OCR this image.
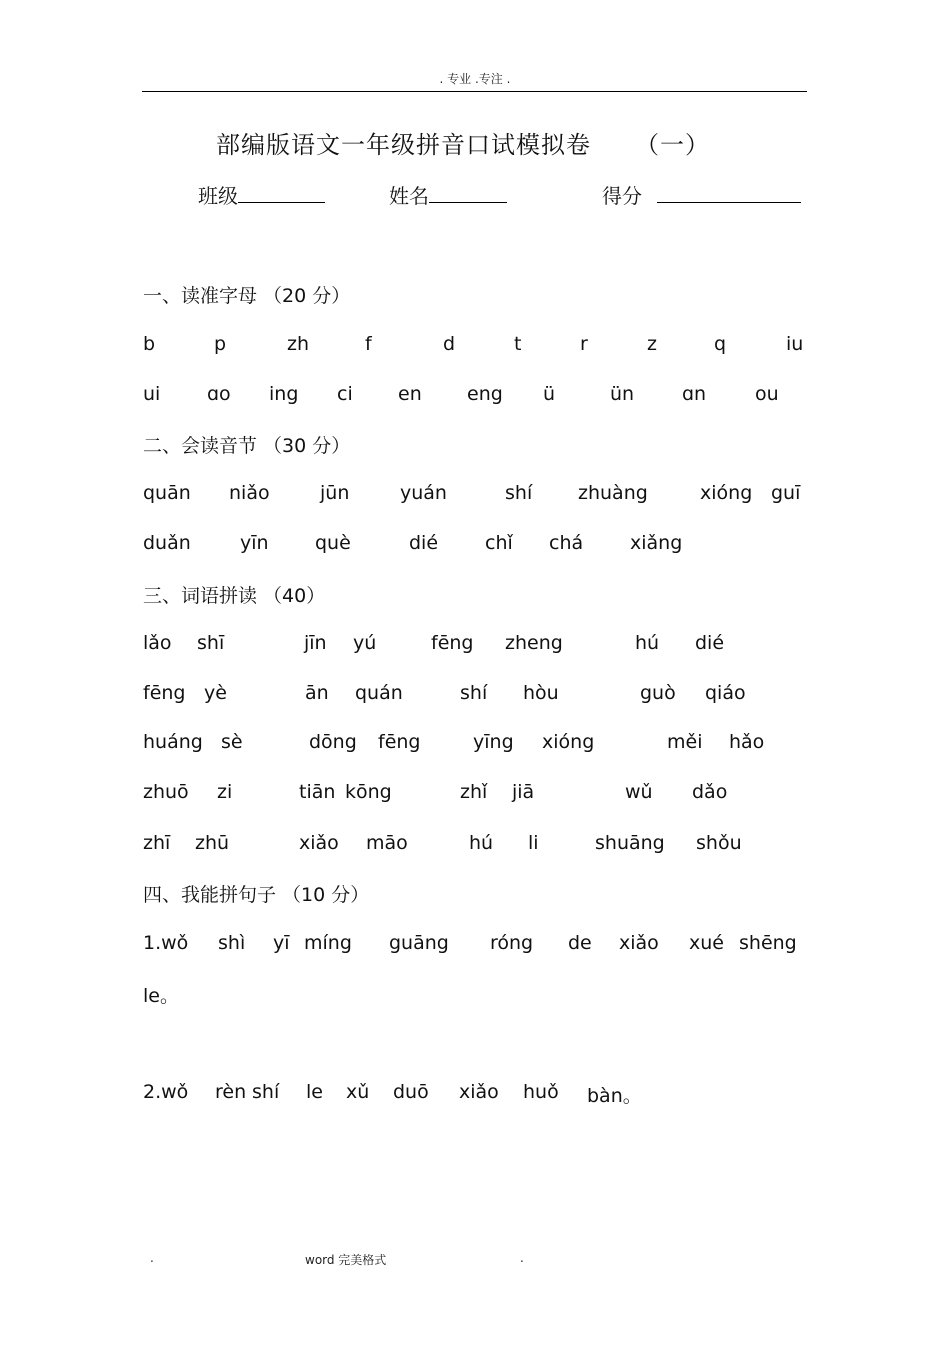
. 专业 .专注 .
部编版语文一年级拼音口试模拟卷 （一）
班级	姓名	得分
一、读准字母 （20 分）
b	p	zh	f	d	t	r	z	q	iu
ui ɑo ing ci en eng ü	ün	ɑn	ou
二、会读音节 （30 分）
quān niǎo	jūn	yuán	shí zhuàng	xióng guī
duǎn	yīn què	dié chǐ chá xiǎng
三、词语拼读 （40）
lǎo shī	jīn yú	fēng zheng	hú dié
fēng yè	ān quán	shí hòu	guò qiáo
huáng sè	dōng fēng	yīng xióng	měi hǎo
zhuō zi	tiān kōng	zhǐ jiā	wǔ dǎo
zhī zhū	xiǎo māo	hú li	shuāng shǒu
四、我能拼句子 （10 分）
1.wǒ shì yī míng guāng róng de xiǎo xué shēng
le。
2.wǒ rèn shí le xǔ duō xiǎo huǒ bàn。
.	word 完美格式	.
